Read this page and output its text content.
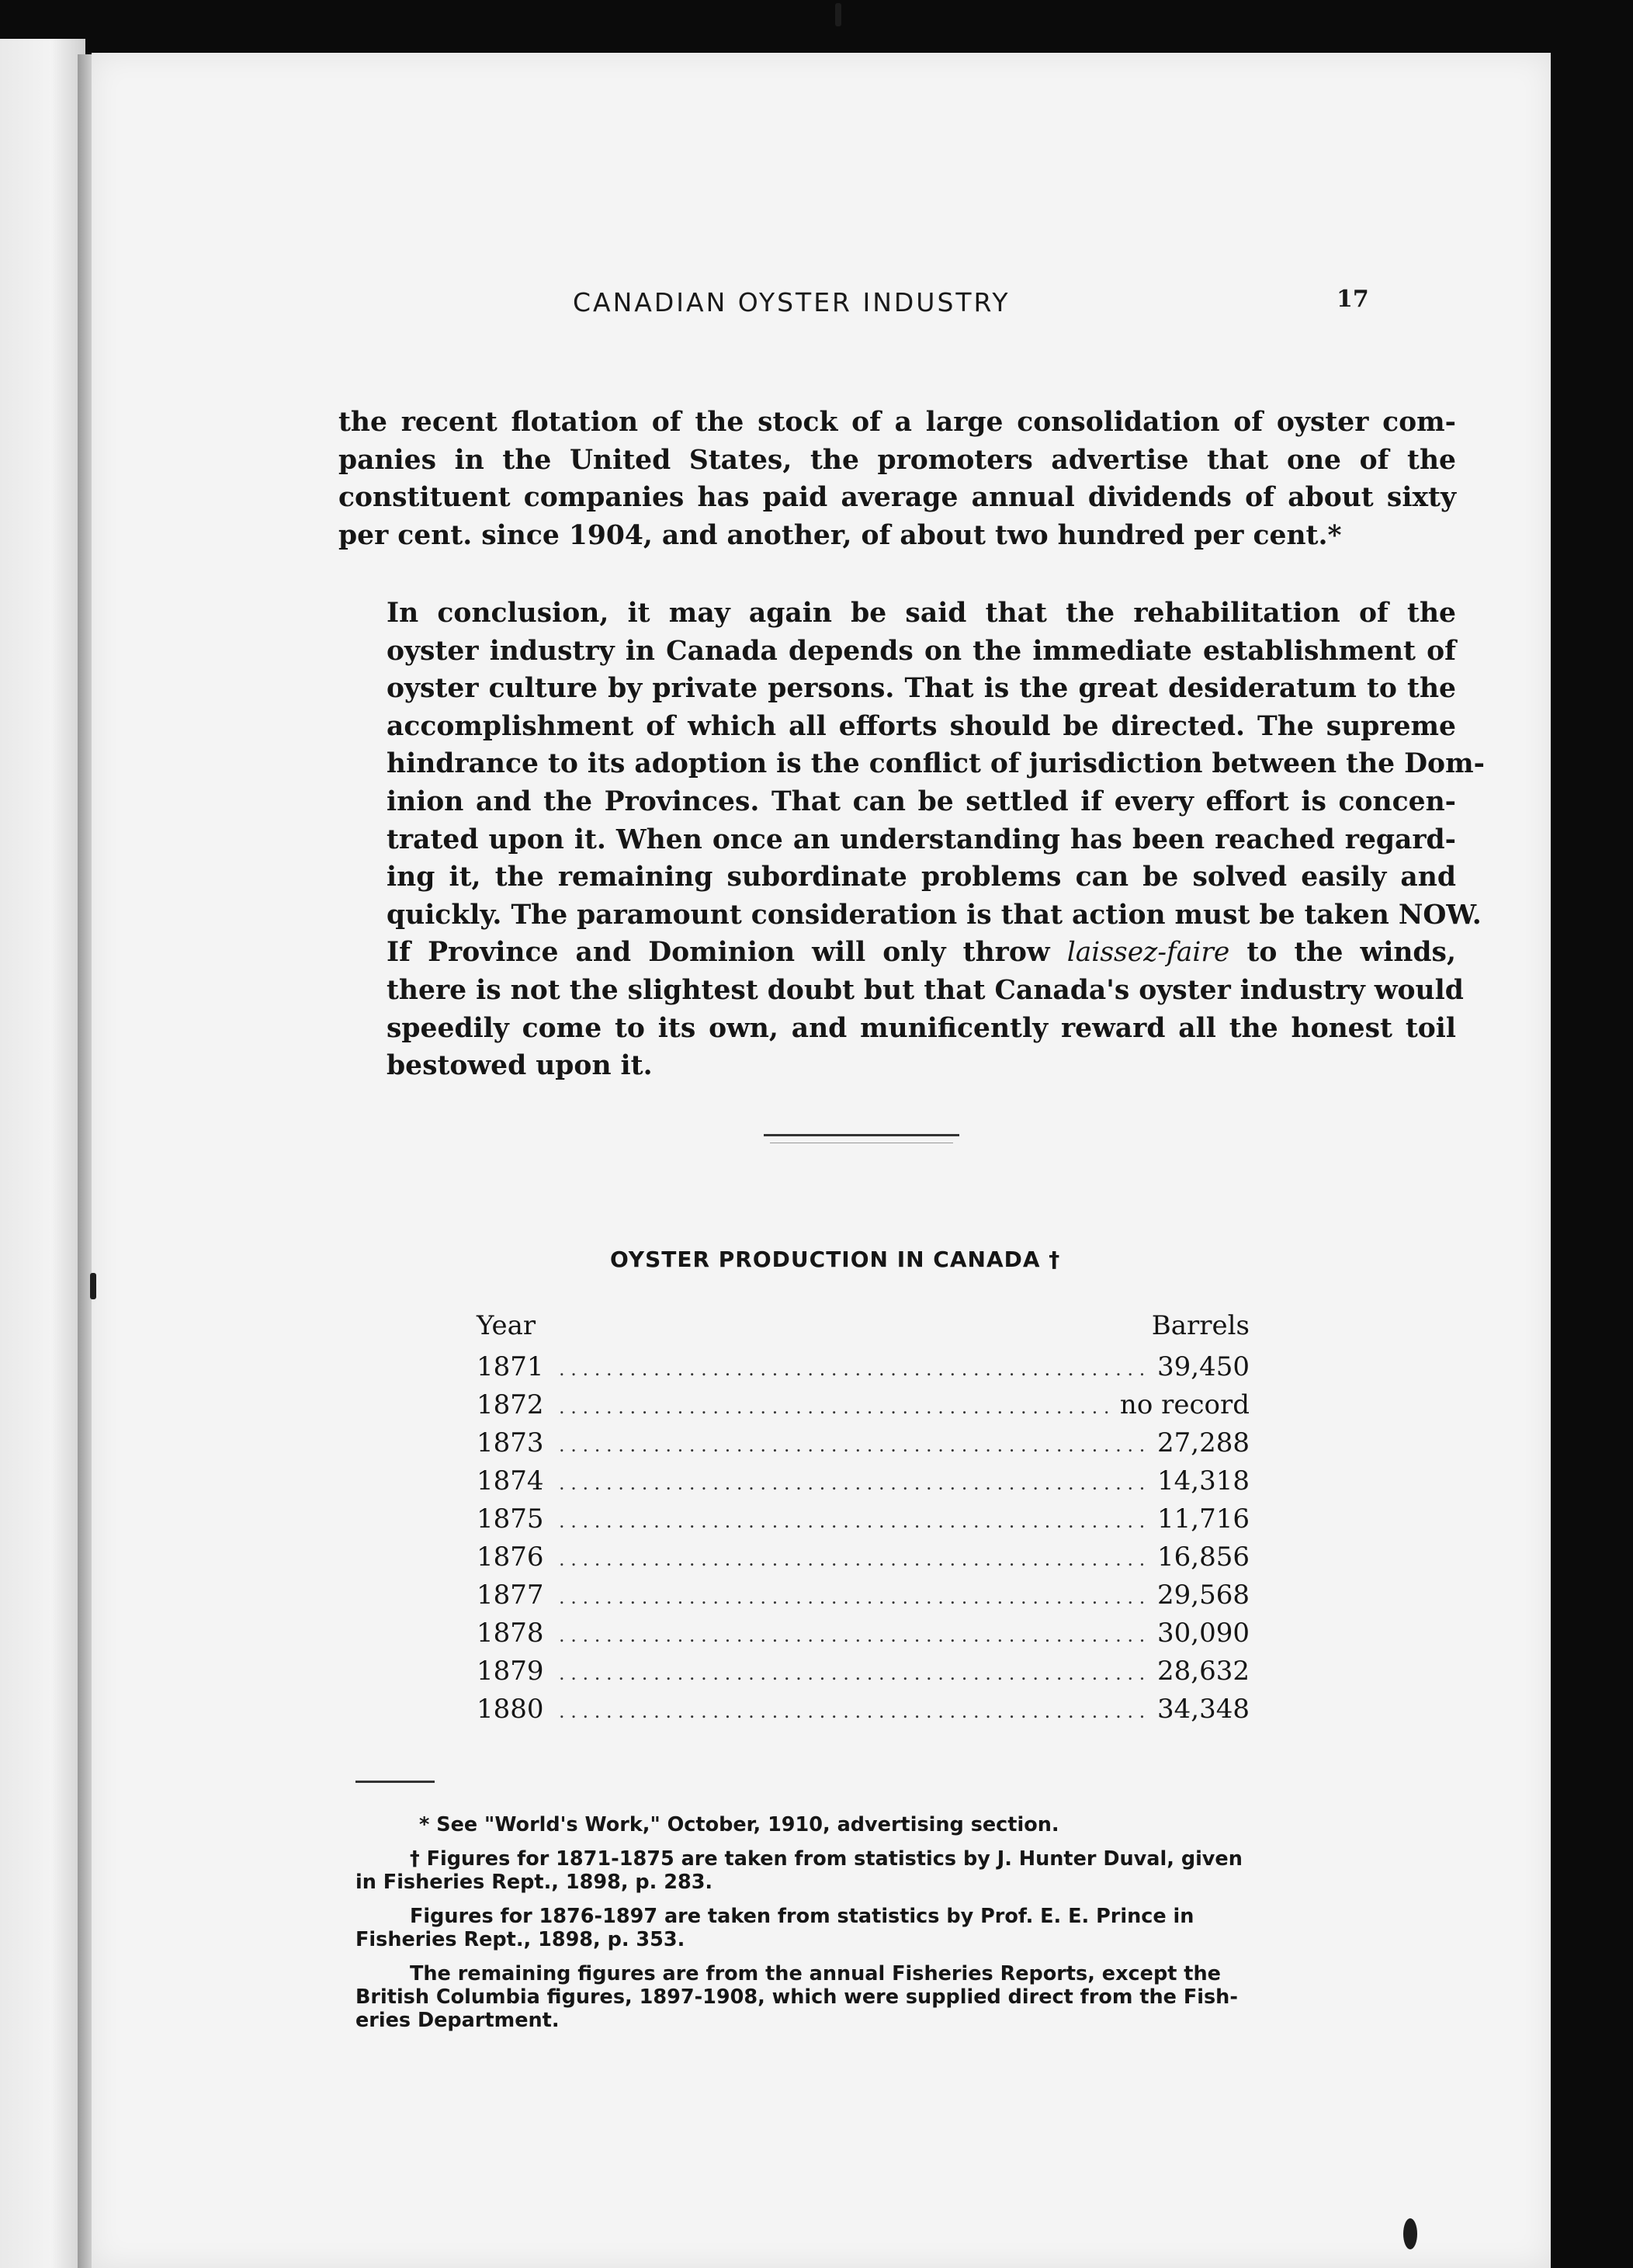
CANADIAN OYSTER INDUSTRY	17
the recent flotation of the stock of a large consolidation of oyster com-
panies in the United States, the promoters advertise that one of the
constituent companies has paid average annual dividends of about sixty
per cent. since 1904, and another, of about two hundred per cent.*
In conclusion, it may again be said that the rehabilitation of the
oyster industry in Canada depends on the immediate establishment of
oyster culture by private persons. That is the great desideratum to the
accomplishment of which all efforts should be directed. The supreme
hindrance to its adoption is the conflict of jurisdiction between the Dom-
inion and the Provinces. That can be settled if every effort is concen-
trated upon it. When once an understanding has been reached regard-
ing it, the remaining subordinate problems can be solved easily and
quickly. The paramount consideration is that action must be taken NOW.
If Province and Dominion will only throw laissez-faire to the winds,
there is not the slightest doubt but that Canada's oyster industry would
speedily come to its own, and munificently reward all the honest toil
bestowed upon it.
OYSTER PRODUCTION IN CANADA †
Year	Barrels
1871 . . .	39,450
1872 . . .	no record
1873 . . .	27,288
1874 . . .	14,318
1875 . . .	11,716
1876 . . .	16,856
1877 . . .	29,568
1878 . . .	30,090
1879 . . .	28,632
1880 . . .	34,348
* See "World's Work," October, 1910, advertising section.
† Figures for 1871-1875 are taken from statistics by J. Hunter Duval, given
in Fisheries Rept., 1898, p. 283.
Figures for 1876-1897 are taken from statistics by Prof. E. E. Prince in
Fisheries Rept., 1898, p. 353.
The remaining figures are from the annual Fisheries Reports, except the
British Columbia figures, 1897-1908, which were supplied direct from the Fish-
eries Department.
